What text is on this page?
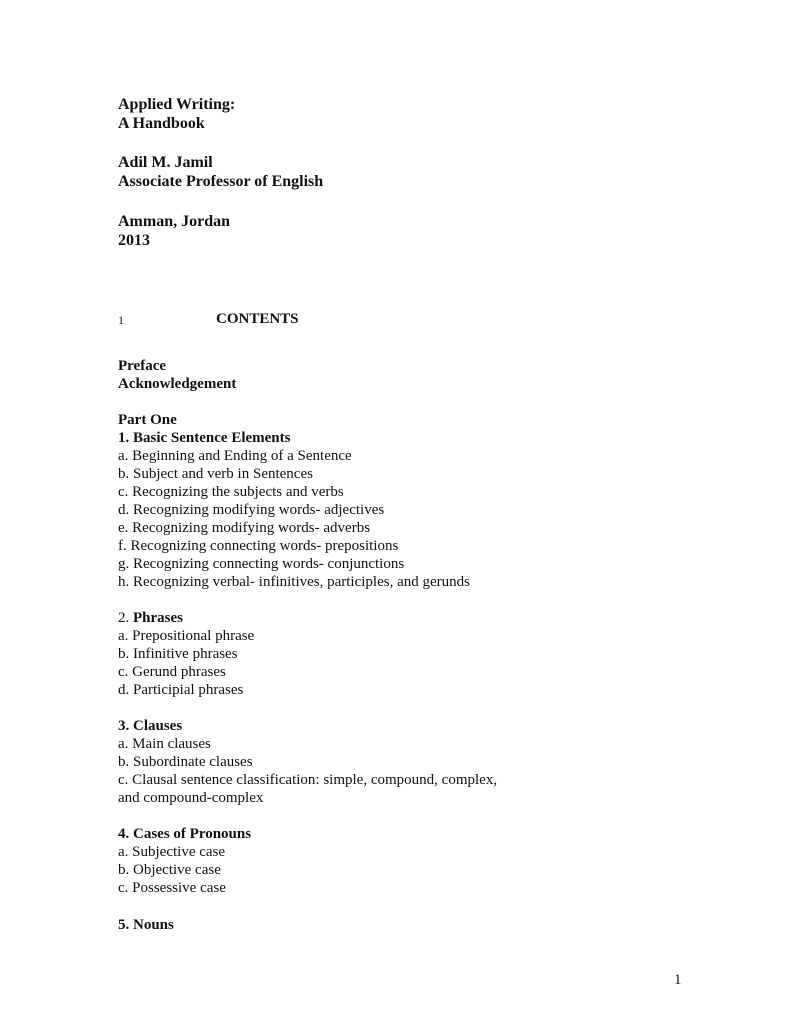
Applied Writing:
A Handbook
Adil M. Jamil
Associate Professor of English
Amman, Jordan
2013
1	CONTENTS
Preface
Acknowledgement
Part One
1. Basic Sentence Elements
a. Beginning and Ending of a Sentence
b. Subject and verb in Sentences
c. Recognizing the subjects and verbs
d. Recognizing modifying words- adjectives
e. Recognizing modifying words- adverbs
f. Recognizing connecting words- prepositions
g. Recognizing connecting words- conjunctions
h. Recognizing verbal- infinitives, participles, and gerunds
2. Phrases
a. Prepositional phrase
b. Infinitive phrases
c. Gerund phrases
d. Participial phrases
3. Clauses
a. Main clauses
b. Subordinate clauses
c. Clausal sentence classification: simple, compound, complex,
and compound-complex
4. Cases of Pronouns
a. Subjective case
b. Objective case
c. Possessive case
5. Nouns
1
